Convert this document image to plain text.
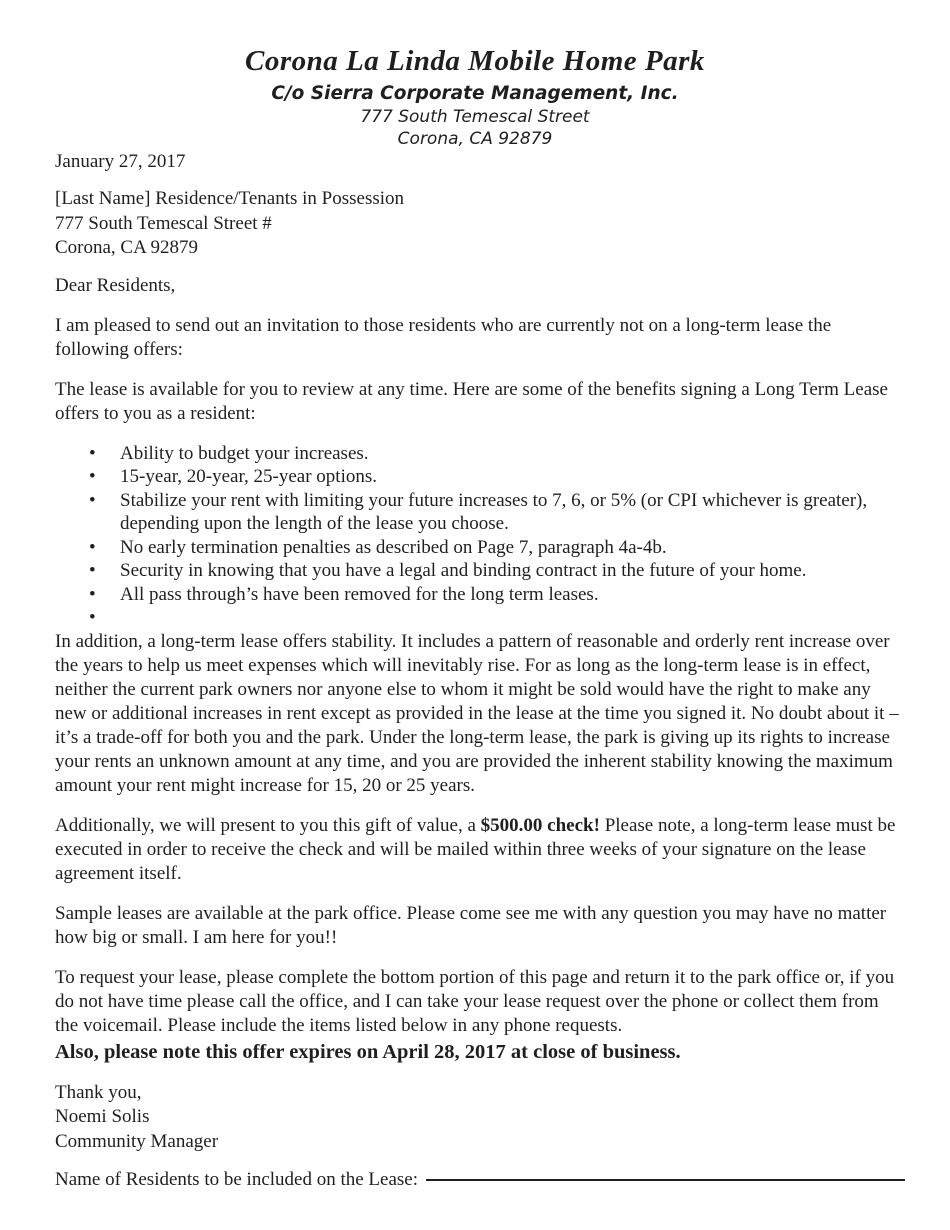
Corona La Linda Mobile Home Park
C/o Sierra Corporate Management, Inc.
777 South Temescal Street
Corona, CA 92879
January 27, 2017
[Last Name] Residence/Tenants in Possession
777 South Temescal Street #
Corona, CA 92879
Dear Residents,

I am pleased to send out an invitation to those residents who are currently not on a long-term lease the following offers:

The lease is available for you to review at any time. Here are some of the benefits signing a Long Term Lease offers to you as a resident:

• Ability to budget your increases.
• 15-year, 20-year, 25-year options.
• Stabilize your rent with limiting your future increases to 7, 6, or 5% (or CPI whichever is greater), depending upon the length of the lease you choose.
• No early termination penalties as described on Page 7, paragraph 4a-4b.
• Security in knowing that you have a legal and binding contract in the future of your home.
• All pass through’s have been removed for the long term leases.
•

In addition, a long-term lease offers stability. It includes a pattern of reasonable and orderly rent increase over the years to help us meet expenses which will inevitably rise. For as long as the long-term lease is in effect, neither the current park owners nor anyone else to whom it might be sold would have the right to make any new or additional increases in rent except as provided in the lease at the time you signed it. No doubt about it – it’s a trade-off for both you and the park. Under the long-term lease, the park is giving up its rights to increase your rents an unknown amount at any time, and you are provided the inherent stability knowing the maximum amount your rent might increase for 15, 20 or 25 years.

Additionally, we will present to you this gift of value, a $500.00 check! Please note, a long-term lease must be executed in order to receive the check and will be mailed within three weeks of your signature on the lease agreement itself.

Sample leases are available at the park office. Please come see me with any question you may have no matter how big or small. I am here for you!!

To request your lease, please complete the bottom portion of this page and return it to the park office or, if you do not have time please call the office, and I can take your lease request over the phone or collect them from the voicemail. Please include the items listed below in any phone requests.

Also, please note this offer expires on April 28, 2017 at close of business.

Thank you,
Noemi Solis
Community Manager
Name of Residents to be included on the Lease:
